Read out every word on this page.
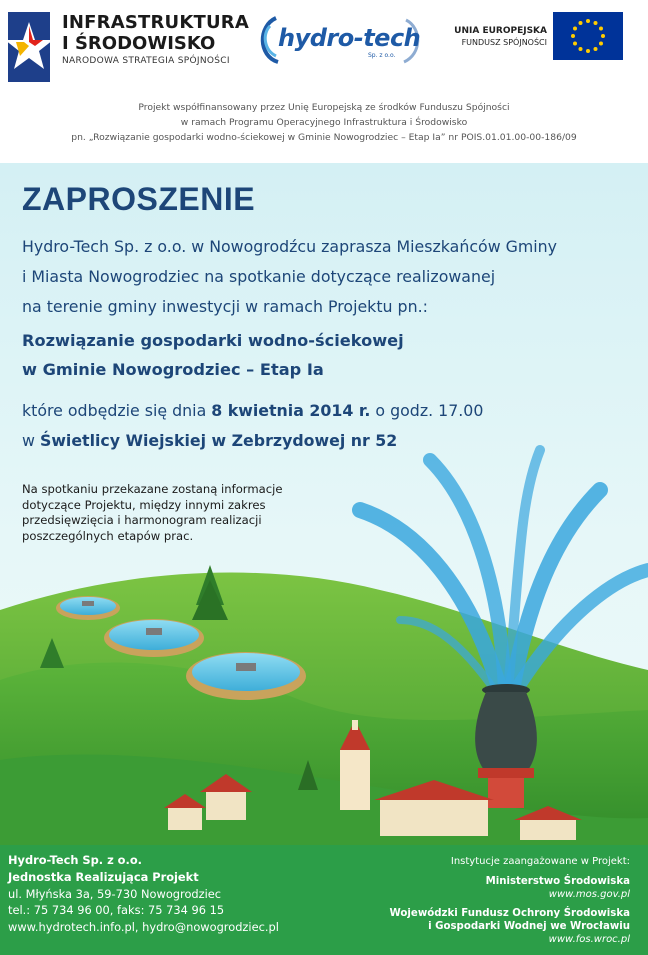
INFRASTRUKTURA
I ŚRODOWISKO
NARODOWA STRATEGIA SPÓJNOŚCI
hydro-tech
Sp. z o.o.
UNIA EUROPEJSKA
FUNDUSZ SPÓJNOŚCI
Projekt współfinansowany przez Unię Europejską ze środków Funduszu Spójności
w ramach Programu Operacyjnego Infrastruktura i Środowisko
pn. „Rozwiązanie gospodarki wodno-ściekowej w Gminie Nowogrodziec – Etap Ia” nr POIS.01.01.00-00-186/09
ZAPROSZENIE
Hydro-Tech Sp. z o.o. w Nowogrodźcu zaprasza Mieszkańców Gminy
i Miasta Nowogrodziec na spotkanie dotyczące realizowanej
na terenie gminy inwestycji w ramach Projektu pn.:
Rozwiązanie gospodarki wodno-ściekowej
w Gminie Nowogrodziec – Etap Ia
które odbędzie się dnia 8 kwietnia 2014 r. o godz. 17.00
w Świetlicy Wiejskiej w Zebrzydowej nr 52
Na spotkaniu przekazane zostaną informacje
dotyczące Projektu, między innymi zakres
przedsięwzięcia i harmonogram realizacji
poszczególnych etapów prac.
Hydro-Tech Sp. z o.o.
Jednostka Realizująca Projekt
ul. Młyńska 3a, 59-730 Nowogrodziec
tel.: 75 734 96 00, faks: 75 734 96 15
www.hydrotech.info.pl, hydro@nowogrodziec.pl
Instytucje zaangażowane w Projekt:
Ministerstwo Środowiska
www.mos.gov.pl
Wojewódzki Fundusz Ochrony Środowiska
i Gospodarki Wodnej we Wrocławiu
www.fos.wroc.pl
